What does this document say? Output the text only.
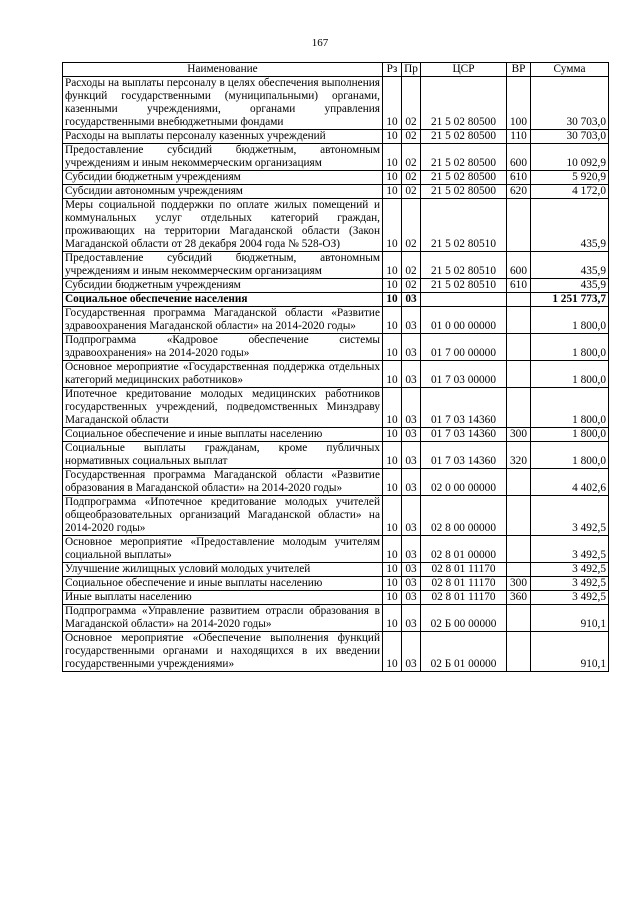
167
Наименование	Рз	Пр	ЦСР	ВР	Сумма
Расходы на выплаты персоналу в целях обеспечения выполнения функций государственными (муниципальными) органами, казенными учреждениями, органами управления государственными внебюджетными фондами	10	02	21 5 02 80500	100	30 703,0
Расходы на выплаты персоналу казенных учреждений	10	02	21 5 02 80500	110	30 703,0
Предоставление субсидий бюджетным, автономным учреждениям и иным некоммерческим организациям	10	02	21 5 02 80500	600	10 092,9
Субсидии бюджетным учреждениям	10	02	21 5 02 80500	610	5 920,9
Субсидии автономным учреждениям	10	02	21 5 02 80500	620	4 172,0
Меры социальной поддержки по оплате жилых помещений и коммунальных услуг отдельных категорий граждан, проживающих на территории Магаданской области (Закон Магаданской области от 28 декабря 2004 года № 528-ОЗ)	10	02	21 5 02 80510		435,9
Предоставление субсидий бюджетным, автономным учреждениям и иным некоммерческим организациям	10	02	21 5 02 80510	600	435,9
Субсидии бюджетным учреждениям	10	02	21 5 02 80510	610	435,9
Социальное обеспечение населения	10	03			1 251 773,7
Государственная программа Магаданской области «Развитие здравоохранения Магаданской области» на 2014-2020 годы»	10	03	01 0 00 00000		1 800,0
Подпрограмма «Кадровое обеспечение системы здравоохранения» на 2014-2020 годы»	10	03	01 7 00 00000		1 800,0
Основное мероприятие «Государственная поддержка отдельных категорий медицинских работников»	10	03	01 7 03 00000		1 800,0
Ипотечное кредитование молодых медицинских работников государственных учреждений, подведомственных Минздраву Магаданской области	10	03	01 7 03 14360		1 800,0
Социальное обеспечение и иные выплаты населению	10	03	01 7 03 14360	300	1 800,0
Социальные выплаты гражданам, кроме публичных нормативных социальных выплат	10	03	01 7 03 14360	320	1 800,0
Государственная программа Магаданской области «Развитие образования в Магаданской области» на 2014-2020 годы»	10	03	02 0 00 00000		4 402,6
Подпрограмма «Ипотечное кредитование молодых учителей общеобразовательных организаций Магаданской области» на 2014-2020 годы»	10	03	02 8 00 00000		3 492,5
Основное мероприятие «Предоставление молодым учителям социальной выплаты»	10	03	02 8 01 00000		3 492,5
Улучшение жилищных условий молодых учителей	10	03	02 8 01 11170		3 492,5
Социальное обеспечение и иные выплаты населению	10	03	02 8 01 11170	300	3 492,5
Иные выплаты населению	10	03	02 8 01 11170	360	3 492,5
Подпрограмма «Управление развитием отрасли образования в Магаданской области» на 2014-2020 годы»	10	03	02 Б 00 00000		910,1
Основное мероприятие «Обеспечение выполнения функций государственными органами и находящихся в их введении государственными учреждениями»	10	03	02 Б 01 00000		910,1
